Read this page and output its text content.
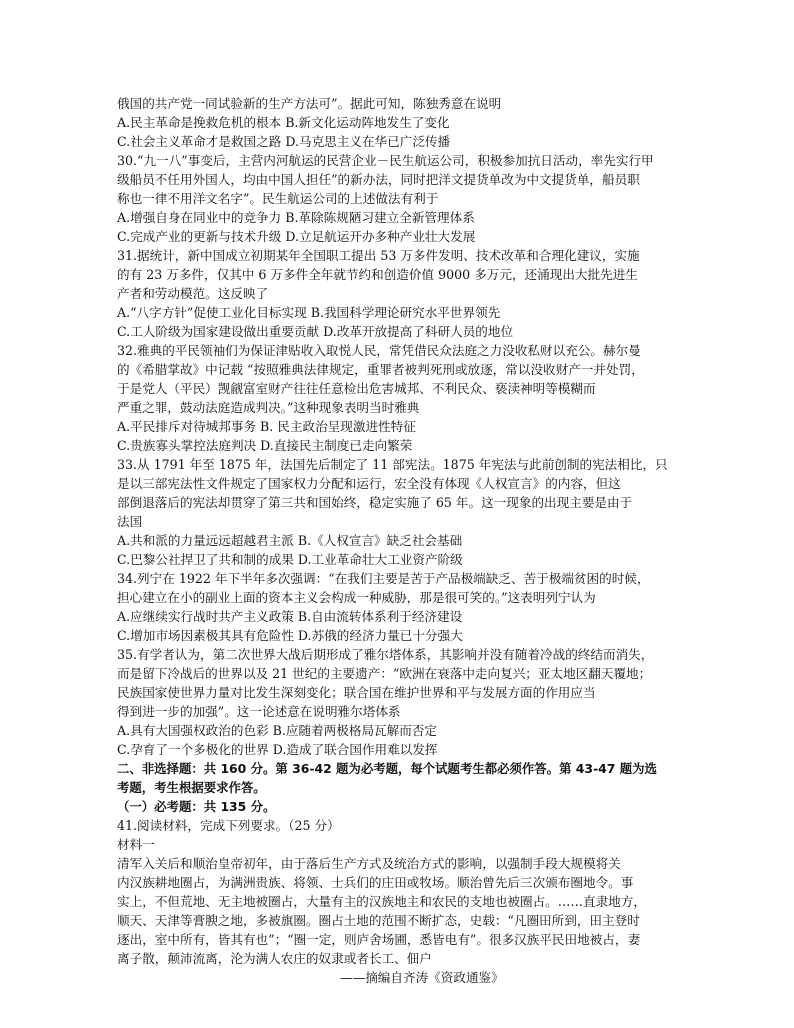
俄国的共产党一同试验新的生产方法可”。据此可知，陈独秀意在说明
A.民主革命是挽救危机的根本 B.新文化运动阵地发生了变化
C.社会主义革命才是救国之路 D.马克思主义在华已广泛传播
30.“九一八”事变后，主营内河航运的民营企业－民生航运公司，积极参加抗日活动，率先实行甲
级船员不任用外国人，均由中国人担任”的新办法，同时把洋文提货单改为中文提货单，船员职
称也一律不用洋文名字”。民生航运公司的上述做法有利于
A.增强自身在同业中的竞争力 B.革除陈规陋习建立全新管理体系
C.完成产业的更新与技术升级 D.立足航运开办多种产业壮大发展
31.据统计，新中国成立初期某年全国职工提出 53 万多件发明、技术改革和合理化建议，实施
的有 23 万多件，仅其中 6 万多件全年就节约和创造价值 9000 多万元，还涌现出大批先进生
产者和劳动模范。这反映了
A.“八字方针”促使工业化目标实现 B.我国科学理论研究水平世界领先
C.工人阶级为国家建设做出重要贡献 D.改革开放提高了科研人员的地位
32.雅典的平民领袖们为保证津贴收入取悦人民，常凭借民众法庭之力没收私财以充公。赫尔曼
的《希腊掌故》中记载 “按照雅典法律规定，重罪者被判死刑或放逐，常以没收财产一并处罚，
于是党人（平民）觊觎富室财产往往任意检出危害城邦、不利民众、亵渎神明等模糊而
严重之罪，鼓动法庭造成判决。”这种现象表明当时雅典
A.平民排斥对待城邦事务 B. 民主政治呈现激进性特征
C.贵族寡头掌控法庭判决 D.直接民主制度已走向繁荣
33.从 1791 年至 1875 年，法国先后制定了 11 部宪法。1875 年宪法与此前创制的宪法相比，只
是以三部宪法性文件规定了国家权力分配和运行，宏全没有体现《人权宣言》的内容，但这
部倒退落后的宪法却贯穿了第三共和国始终，稳定实施了 65 年。这一现象的出现主要是由于
法国
A.共和派的力量远远超越君主派 B.《人权宣言》缺乏社会基础
C.巴黎公社捍卫了共和制的成果 D.工业革命壮大工业资产阶级
34.列宁在 1922 年下半年多次强调：“在我们主要是苦于产品极端缺乏、苦于极端贫困的时候，
担心建立在小的副业上面的资本主义会构成一种威胁，那是很可笑的。”这表明列宁认为
A.应继续实行战时共产主义政策 B.自由流转体系利于经济建设
C.增加市场因素极其具有危险性 D.苏俄的经济力量已十分强大
35.有学者认为，第二次世界大战后期形成了雅尔塔体系，其影响并没有随着冷战的终结而消失，
而是留下冷战后的世界以及 21 世纪的主要遗产：“欧洲在衰落中走向复兴；亚太地区翻天覆地；
民族国家使世界力量对比发生深刻变化；联合国在维护世界和平与发展方面的作用应当
得到进一步的加强”。这一论述意在说明雅尔塔体系
A.具有大国强权政治的色彩 B.应随着两极格局瓦解而否定
C.孕育了一个多极化的世界 D.造成了联合国作用难以发挥
二、非选择题：共 160 分。第 36-42 题为必考题，每个试题考生都必须作答。第 43-47 题为选
考题，考生根据要求作答。
（一）必考题：共 135 分。
41.阅读材料，完成下列要求。（25 分）
材料一
清军入关后和顺治皇帝初年，由于落后生产方式及统治方式的影响，以强制手段大规模将关
内汉族耕地圈占，为满洲贵族、将领、士兵们的庄田或牧场。顺治曾先后三次颁布圈地令。事
实上，不但荒地、无主地被圈占，大量有主的汉族地主和农民的支地也被圈占。……直隶地方，
顺天、天津等膏腴之地，多被旗圈。圈占土地的范围不断扩态，史载：“凡圈田所到，田主登时
逐出，室中所有，皆其有也”；“圈一定，则庐舍场圃，悉皆电有”。很多汉族平民田地被占，妻
离子散，颠沛流离，沦为满人农庄的奴隶或者长工、佃户
——摘编自齐涛《资政通鉴》
